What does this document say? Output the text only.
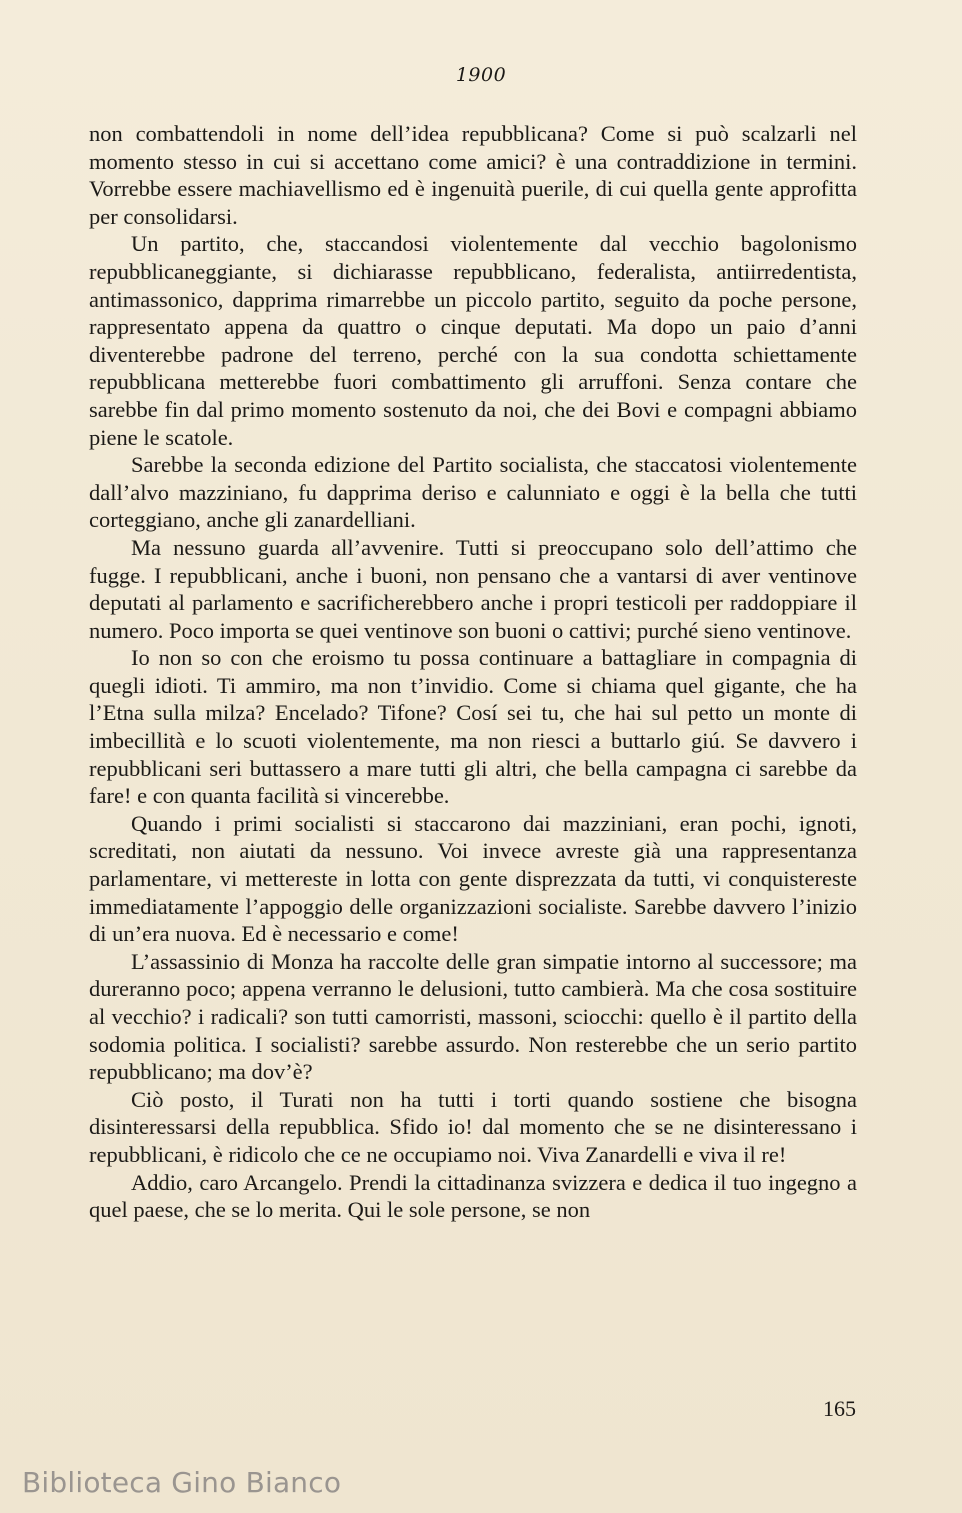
1900

non combattendoli in nome dell’idea repubblicana? Come si può scalzarli nel momento stesso in cui si accettano come amici? è una contraddizione in termini. Vorrebbe essere machiavellismo ed è ingenuità puerile, di cui quella gente approfitta per consolidarsi.

Un partito, che, staccandosi violentemente dal vecchio bagolonismo repubblicaneggiante, si dichiarasse repubblicano, federalista, antiirredentista, antimassonico, dapprima rimarrebbe un piccolo partito, seguito da poche persone, rappresentato appena da quattro o cinque deputati. Ma dopo un paio d’anni diventerebbe padrone del terreno, perché con la sua condotta schiettamente repubblicana metterebbe fuori combattimento gli arruffoni. Senza contare che sarebbe fin dal primo momento sostenuto da noi, che dei Bovi e compagni abbiamo piene le scatole.

Sarebbe la seconda edizione del Partito socialista, che staccatosi violentemente dall’alvo mazziniano, fu dapprima deriso e calunniato e oggi è la bella che tutti corteggiano, anche gli zanardelliani.

Ma nessuno guarda all’avvenire. Tutti si preoccupano solo dell’attimo che fugge. I repubblicani, anche i buoni, non pensano che a vantarsi di aver ventinove deputati al parlamento e sacrificherebbero anche i propri testicoli per raddoppiare il numero. Poco importa se quei ventinove son buoni o cattivi; purché sieno ventinove.

Io non so con che eroismo tu possa continuare a battagliare in compagnia di quegli idioti. Ti ammiro, ma non t’invidio. Come si chiama quel gigante, che ha l’Etna sulla milza? Encelado? Tifone? Cosí sei tu, che hai sul petto un monte di imbecillità e lo scuoti violentemente, ma non riesci a buttarlo giú. Se davvero i repubblicani seri buttassero a mare tutti gli altri, che bella campagna ci sarebbe da fare! e con quanta facilità si vincerebbe.

Quando i primi socialisti si staccarono dai mazziniani, eran pochi, ignoti, screditati, non aiutati da nessuno. Voi invece avreste già una rappresentanza parlamentare, vi mettereste in lotta con gente disprezzata da tutti, vi conquistereste immediatamente l’appoggio delle organizzazioni socialiste. Sarebbe davvero l’inizio di un’era nuova. Ed è necessario e come!

L’assassinio di Monza ha raccolte delle gran simpatie intorno al successore; ma dureranno poco; appena verranno le delusioni, tutto cambierà. Ma che cosa sostituire al vecchio? i radicali? son tutti camorristi, massoni, sciocchi: quello è il partito della sodomia politica. I socialisti? sarebbe assurdo. Non resterebbe che un serio partito repubblicano; ma dov’è?

Ciò posto, il Turati non ha tutti i torti quando sostiene che bisogna disinteressarsi della repubblica. Sfido io! dal momento che se ne disinteressano i repubblicani, è ridicolo che ce ne occupiamo noi. Viva Zanardelli e viva il re!

Addio, caro Arcangelo. Prendi la cittadinanza svizzera e dedica il tuo ingegno a quel paese, che se lo merita. Qui le sole persone, se non

165
Biblioteca Gino Bianco
